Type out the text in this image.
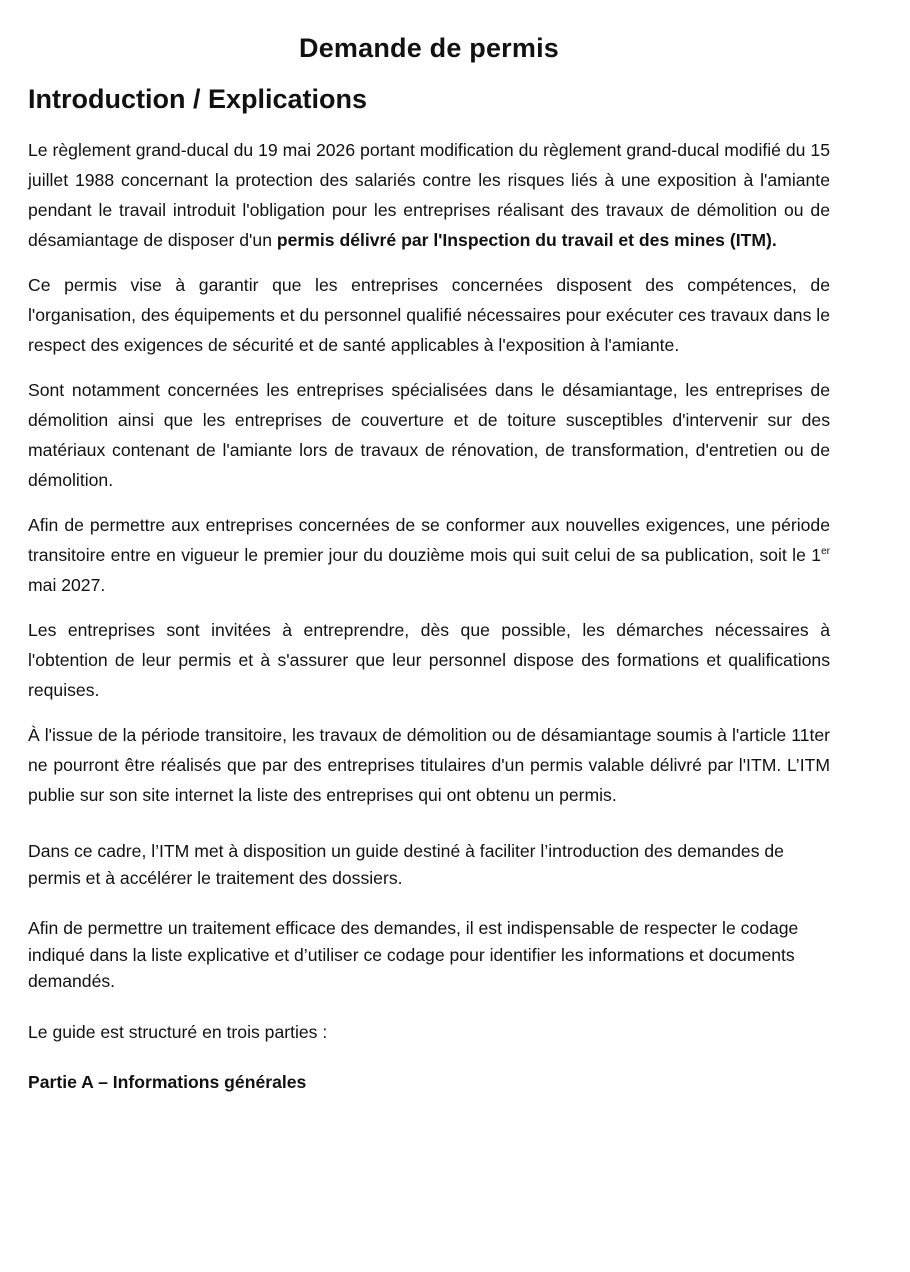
Demande de permis
Introduction / Explications

Le règlement grand-ducal du 19 mai 2026 portant modification du règlement grand-ducal modifié du 15 juillet 1988 concernant la protection des salariés contre les risques liés à une exposition à l'amiante pendant le travail introduit l'obligation pour les entreprises réalisant des travaux de démolition ou de désamiantage de disposer d'un permis délivré par l'Inspection du travail et des mines (ITM).

Ce permis vise à garantir que les entreprises concernées disposent des compétences, de l'organisation, des équipements et du personnel qualifié nécessaires pour exécuter ces travaux dans le respect des exigences de sécurité et de santé applicables à l'exposition à l'amiante.

Sont notamment concernées les entreprises spécialisées dans le désamiantage, les entreprises de démolition ainsi que les entreprises de couverture et de toiture susceptibles d'intervenir sur des matériaux contenant de l'amiante lors de travaux de rénovation, de transformation, d'entretien ou de démolition.

Afin de permettre aux entreprises concernées de se conformer aux nouvelles exigences, une période transitoire entre en vigueur le premier jour du douzième mois qui suit celui de sa publication, soit le 1er mai 2027.

Les entreprises sont invitées à entreprendre, dès que possible, les démarches nécessaires à l'obtention de leur permis et à s'assurer que leur personnel dispose des formations et qualifications requises.

À l'issue de la période transitoire, les travaux de démolition ou de désamiantage soumis à l'article 11ter ne pourront être réalisés que par des entreprises titulaires d'un permis valable délivré par l'ITM. L’ITM publie sur son site internet la liste des entreprises qui ont obtenu un permis.

Dans ce cadre, l’ITM met à disposition un guide destiné à faciliter l’introduction des demandes de permis et à accélérer le traitement des dossiers.

Afin de permettre un traitement efficace des demandes, il est indispensable de respecter le codage indiqué dans la liste explicative et d’utiliser ce codage pour identifier les informations et documents demandés.

Le guide est structuré en trois parties :

Partie A – Informations générales
